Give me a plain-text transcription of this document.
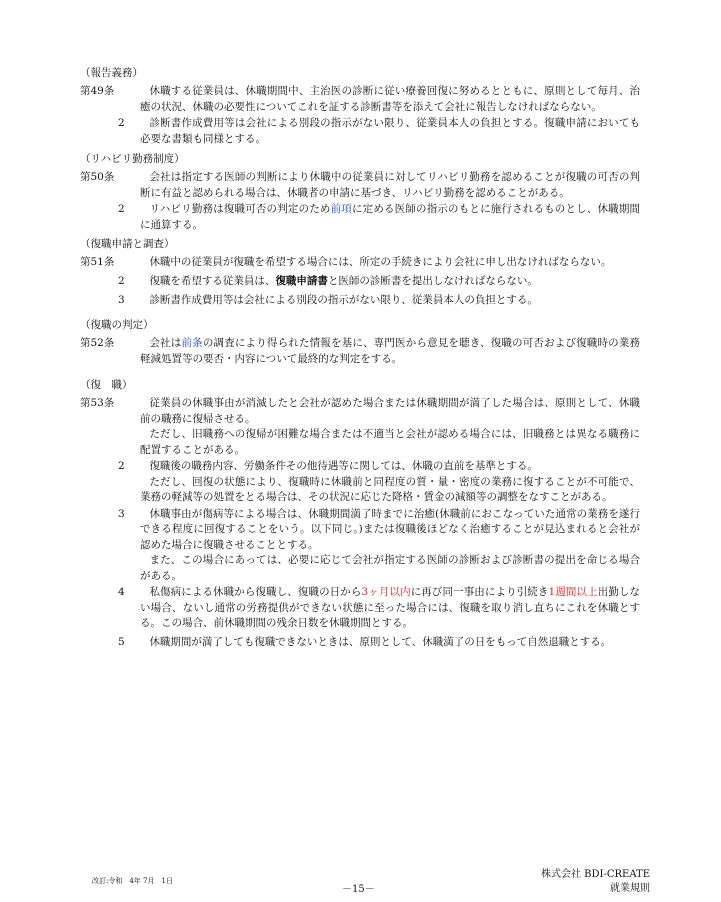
（報告義務）
第49条	休職する従業員は、休職期間中、主治医の診断に従い療養回復に努めるとともに、原則として毎月、治癒の状況、休職の必要性についてこれを証する診断書等を添えて会社に報告しなければならない。
2	診断書作成費用等は会社による別段の指示がない限り、従業員本人の負担とする。復職申請においても必要な書類も同様とする。
（リハビリ勤務制度）
第50条	会社は指定する医師の判断により休職中の従業員に対してリハビリ勤務を認めることが復職の可否の判断に有益と認められる場合は、休職者の申請に基づき、リハビリ勤務を認めることがある。
2	リハビリ勤務は復職可否の判定のため前項に定める医師の指示のもとに施行されるものとし、休職期間に通算する。
（復職申請と調査）
第51条	休職中の従業員が復職を希望する場合には、所定の手続きにより会社に申し出なければならない。
2	復職を希望する従業員は、復職申請書と医師の診断書を提出しなければならない。
3	診断書作成費用等は会社による別段の指示がない限り、従業員本人の負担とする。
（復職の判定）
第52条	会社は前条の調査により得られた情報を基に、専門医から意見を聴き、復職の可否および復職時の業務軽減処置等の要否・内容について最終的な判定をする。
（復　職）
第53条	従業員の休職事由が消滅したと会社が認めた場合または休職期間が満了した場合は、原則として、休職前の職務に復帰させる。
ただし、旧職務への復帰が困難な場合または不適当と会社が認める場合には、旧職務とは異なる職務に配置することがある。
2	復職後の職務内容、労働条件その他待遇等に関しては、休職の直前を基準とする。
ただし、回復の状態により、復職時に休職前と同程度の質・量・密度の業務に復することが不可能で、業務の軽減等の処置をとる場合は、その状況に応じた降格・賃金の減額等の調整をなすことがある。
3	休職事由が傷病等による場合は、休職期間満了時までに治癒(休職前におこなっていた通常の業務を遂行できる程度に回復することをいう。以下同じ。)または復職後ほどなく治癒することが見込まれると会社が認めた場合に復職させることとする。
また、この場合にあっては、必要に応じて会社が指定する医師の診断および診断書の提出を命じる場合がある。
4	私傷病による休職から復職し、復職の日から3ヶ月以内に再び同一事由により引続き1週間以上出勤しない場合、ないし通常の労務提供ができない状態に至った場合には、復職を取り消し直ちにこれを休職とする。この場合、前休職期間の残余日数を休職期間とする。
5	休職期間が満了しても復職できないときは、原則として、休職満了の日をもって自然退職とする。
改訂:令和　4年 7月　1日
－15－
株式会社 BDI-CREATE
就業規則
